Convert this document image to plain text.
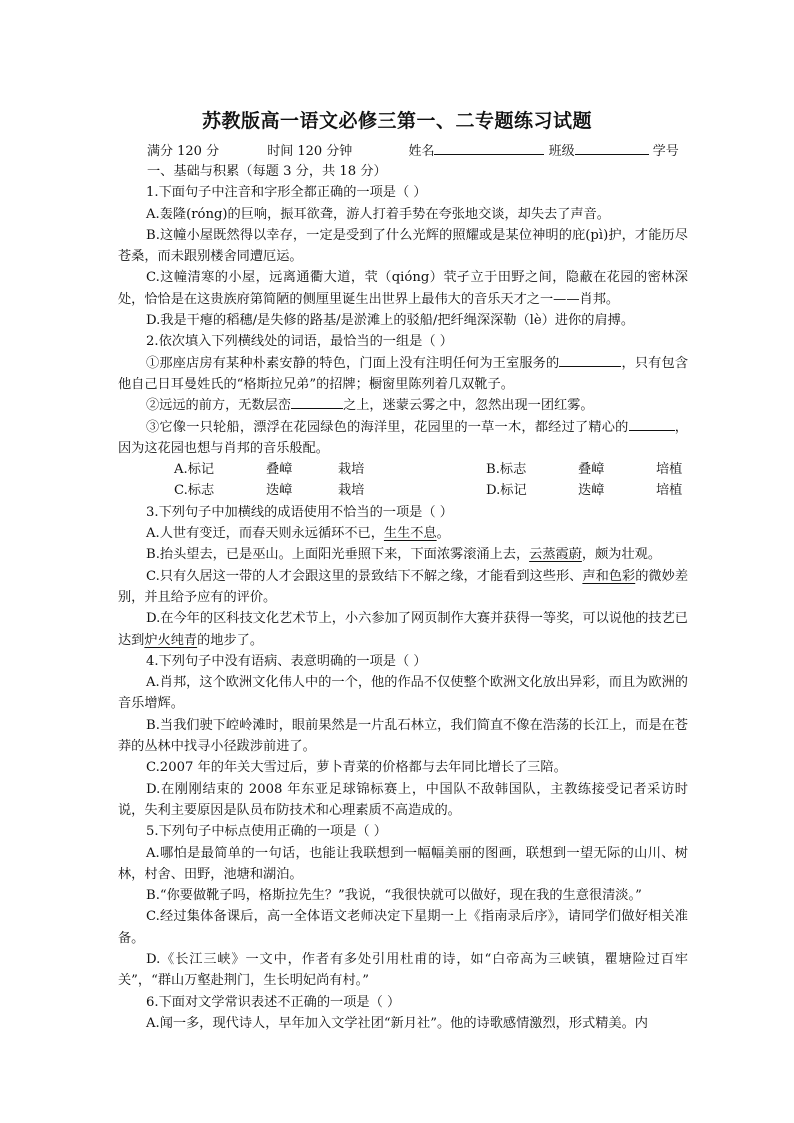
苏教版高一语文必修三第一、二专题练习试题
满分 120 分	时间 120 分钟	姓名	班级	学号

一、基础与积累（每题 3 分，共 18 分）

1.下面句子中注音和字形全都正确的一项是（ ）

A.轰隆(róng)的巨响，振耳欲聋，游人打着手势在夸张地交谈，却失去了声音。

B.这幢小屋既然得以幸存，一定是受到了什么光辉的照耀或是某位神明的庇(pì)护，才能历尽苍桑，而未跟别楼舍同遭厄运。

C.这幢清寒的小屋，远离通衢大道，茕（qióng）茕孑立于田野之间，隐蔽在花园的密林深处，恰恰是在这贵族府第简陋的侧厘里诞生出世界上最伟大的音乐天才之一——肖邦。

D.我是干瘪的稻穗/是失修的路基/是淤滩上的驳船/把纤绳深深勒（lè）进你的肩搏。

2.依次填入下列横线处的词语，最恰当的一组是（ ）

①那座店房有某种朴素安静的特色，门面上没有注明任何为王室服务的	，只有包含他自己日耳曼姓氏的“格斯拉兄弟”的招牌；橱窗里陈列着几双靴子。

②远远的前方，无数层峦	之上，迷蒙云雾之中，忽然出现一团红雾。

③它像一只轮船，漂浮在花园绿色的海洋里，花园里的一草一木，都经过了精心的	，因为这花园也想与肖邦的音乐般配。

A.标记	叠嶂	栽培	B.标志	叠嶂	培植
C.标志	迭嶂	栽培	D.标记	迭嶂	培植

3.下列句子中加横线的成语使用不恰当的一项是（ ）

A.人世有变迁，而春天则永远循环不已，生生不息。

B.抬头望去，已是巫山。上面阳光垂照下来，下面浓雾滚涌上去，云蒸霞蔚，颇为壮观。

C.只有久居这一带的人才会跟这里的景致结下不解之缘，才能看到这些形、声和色彩的微妙差别，并且给予应有的评价。

D.在今年的区科技文化艺术节上，小六参加了网页制作大赛并获得一等奖，可以说他的技艺已达到炉火纯青的地步了。

4.下列句子中没有语病、表意明确的一项是（ ）

A.肖邦，这个欧洲文化伟人中的一个，他的作品不仅使整个欧洲文化放出异彩，而且为欧洲的音乐增辉。

B.当我们驶下崆岭滩时，眼前果然是一片乱石林立，我们简直不像在浩荡的长江上，而是在苍莽的丛林中找寻小径跋涉前进了。

C.2007 年的年关大雪过后，萝卜青菜的价格都与去年同比增长了三陪。

D.在刚刚结束的 2008 年东亚足球锦标赛上，中国队不敌韩国队，主教练接受记者采访时说，失利主要原因是队员布防技术和心理素质不高造成的。

5.下列句子中标点使用正确的一项是（ ）

A.哪怕是最简单的一句话，也能让我联想到一幅幅美丽的图画，联想到一望无际的山川、树林，村舍、田野，池塘和湖泊。

B.“你要做靴子吗，格斯拉先生？”我说，“我很快就可以做好，现在我的生意很清淡。”

C.经过集体备课后，高一全体语文老师决定下星期一上《指南录后序》，请同学们做好相关准备。

D.《长江三峡》一文中，作者有多处引用杜甫的诗，如“白帝高为三峡镇，瞿塘险过百牢关”，“群山万壑赴荆门，生长明妃尚有村。”

6.下面对文学常识表述不正确的一项是（ ）

A.闻一多，现代诗人，早年加入文学社团“新月社”。他的诗歌感情激烈，形式精美。内
